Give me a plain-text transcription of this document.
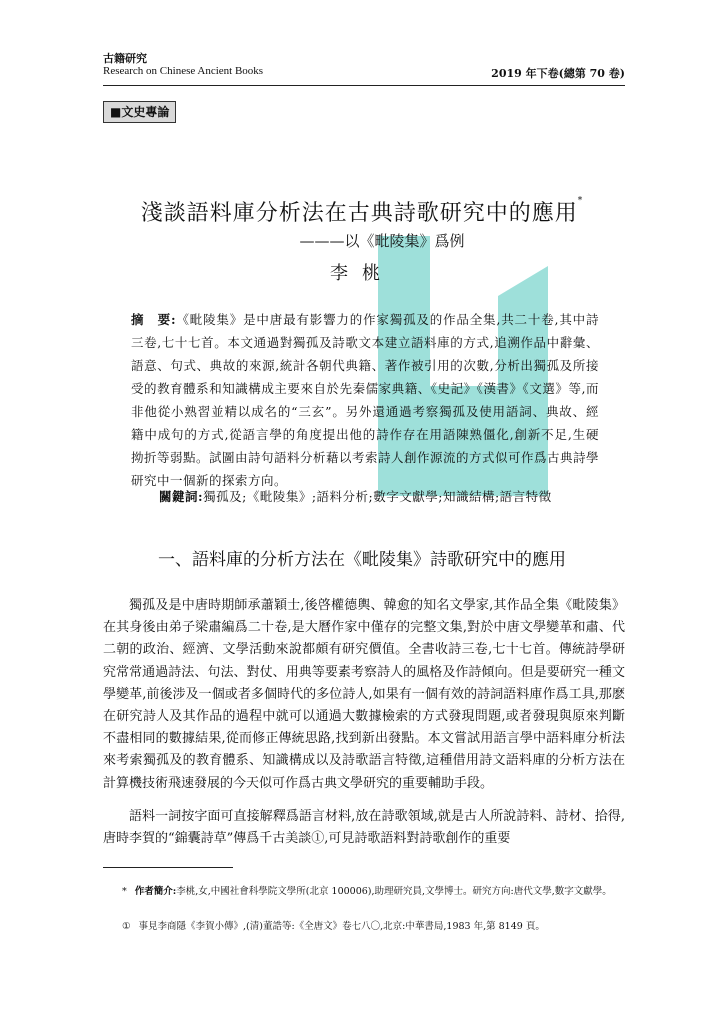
古籍研究
Research on Chinese Ancient Books	2019 年下卷(總第 70 卷)
■文史專論
淺談語料庫分析法在古典詩歌研究中的應用*
———以《毗陵集》爲例
李桃
摘　要:《毗陵集》是中唐最有影響力的作家獨孤及的作品全集,共二十卷,其中詩三卷,七十七首。本文通過對獨孤及詩歌文本建立語料庫的方式,追溯作品中辭彙、語意、句式、典故的來源,統計各朝代典籍、著作被引用的次數,分析出獨孤及所接受的教育體系和知識構成主要來自於先秦儒家典籍、《史記》《漢書》《文選》等,而非他從小熟習並精以成名的“三玄”。另外還通過考察獨孤及使用語詞、典故、經籍中成句的方式,從語言學的角度提出他的詩作存在用語陳熟僵化,創新不足,生硬拗折等弱點。試圖由詩句語料分析藉以考索詩人創作源流的方式似可作爲古典詩學研究中一個新的探索方向。
關鍵詞:獨孤及;《毗陵集》;語料分析;數字文獻學;知識結構;語言特徵
一、語料庫的分析方法在《毗陵集》詩歌研究中的應用

獨孤及是中唐時期師承蕭穎士,後啓權德輿、韓愈的知名文學家,其作品全集《毗陵集》在其身後由弟子梁肅編爲二十卷,是大曆作家中僅存的完整文集,對於中唐文學變革和肅、代二朝的政治、經濟、文學活動來說都頗有研究價值。全書收詩三卷,七十七首。傳統詩學研究常常通過詩法、句法、對仗、用典等要素考察詩人的風格及作詩傾向。但是要研究一種文學變革,前後涉及一個或者多個時代的多位詩人,如果有一個有效的詩詞語料庫作爲工具,那麽在研究詩人及其作品的過程中就可以通過大數據檢索的方式發現問題,或者發現與原來判斷不盡相同的數據結果,從而修正傳統思路,找到新出發點。本文嘗試用語言學中語料庫分析法來考索獨孤及的教育體系、知識構成以及詩歌語言特徵,這種借用詩文語料庫的分析方法在計算機技術飛速發展的今天似可作爲古典文學研究的重要輔助手段。

語料一詞按字面可直接解釋爲語言材料,放在詩歌領域,就是古人所說詩料、詩材、拾得,唐時李賀的“錦囊詩草”傳爲千古美談①,可見詩歌語料對詩歌創作的重要

* 作者簡介:李桃,女,中國社會科學院文學所(北京 100006),助理研究員,文學博士。研究方向:唐代文學,數字文獻學。
① 事見李商隱《李賀小傳》,(清)董誥等:《全唐文》卷七八〇,北京:中華書局,1983 年,第 8149 頁。
